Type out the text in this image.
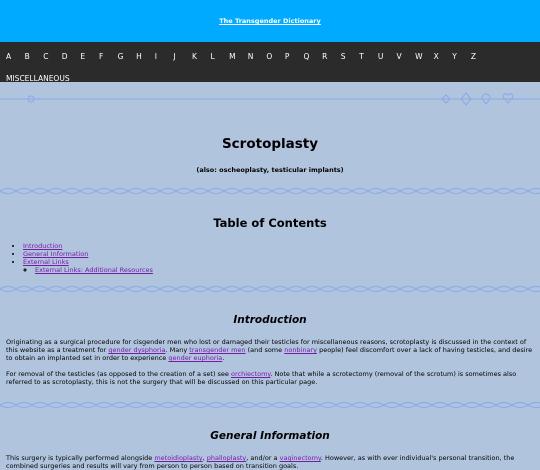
The Transgender Dictionary
A	B	C	D	E	F	G	H	I	J	K	L	M	N	O	P	Q	R	S	T	U	V	W	X	Y	Z
MISCELLANEOUS
Scrotoplasty
(also: oscheoplasty, testicular implants)
Table of Contents
• Introduction
• General Information
• External Links
◦ External Links: Additional Resources
Introduction

Originating as a surgical procedure for cisgender men who lost or damaged their testicles for miscellaneous reasons, scrotoplasty is discussed in the context of this website as a treatment for gender dysphoria. Many transgender men (and some nonbinary people) feel discomfort over a lack of having testicles, and desire to obtain an implanted set in order to experience gender euphoria.

For removal of the testicles (as opposed to the creation of a set) see orchiectomy. Note that while a scrotectomy (removal of the scrotum) is sometimes also referred to as scrotoplasty, this is not the surgery that will be discussed on this particular page.

General Information

This surgery is typically performed alongside metoidioplasty, phalloplasty, and/or a vaginectomy. However, as with ever individual's personal transition, the combined surgeries and results will vary from person to person based on transition goals.
